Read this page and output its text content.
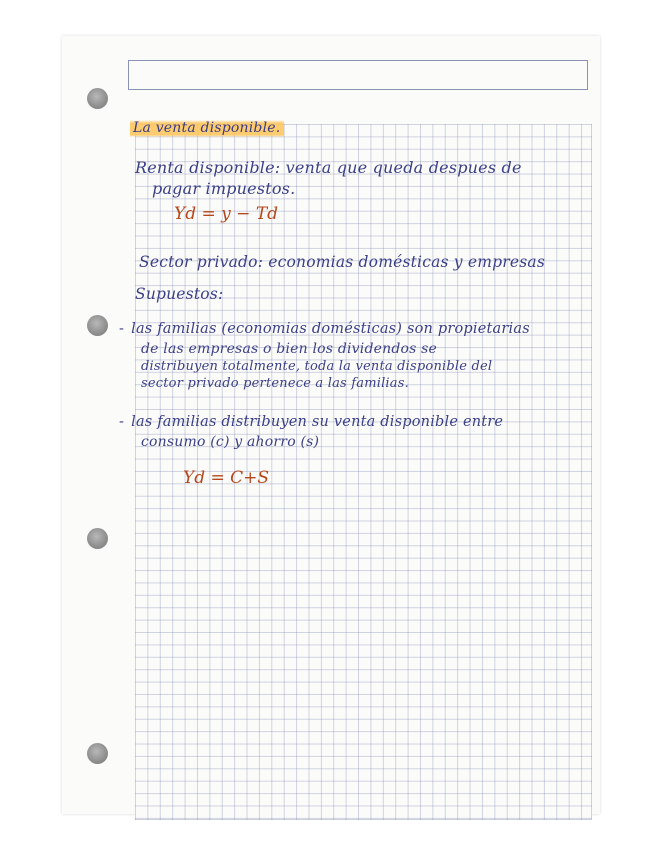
La venta disponible.
Renta disponible: venta que queda despues de
pagar impuestos.
Yd = y − Td
Sector privado: economias domésticas y empresas
Supuestos:
- las familias (economias domésticas) son propietarias
de las empresas o bien los dividendos se
distribuyen totalmente, toda la venta disponible del
sector privado pertenece a las familias.
- las familias distribuyen su venta disponible entre
consumo (c) y ahorro (s)
Yd = C+S
